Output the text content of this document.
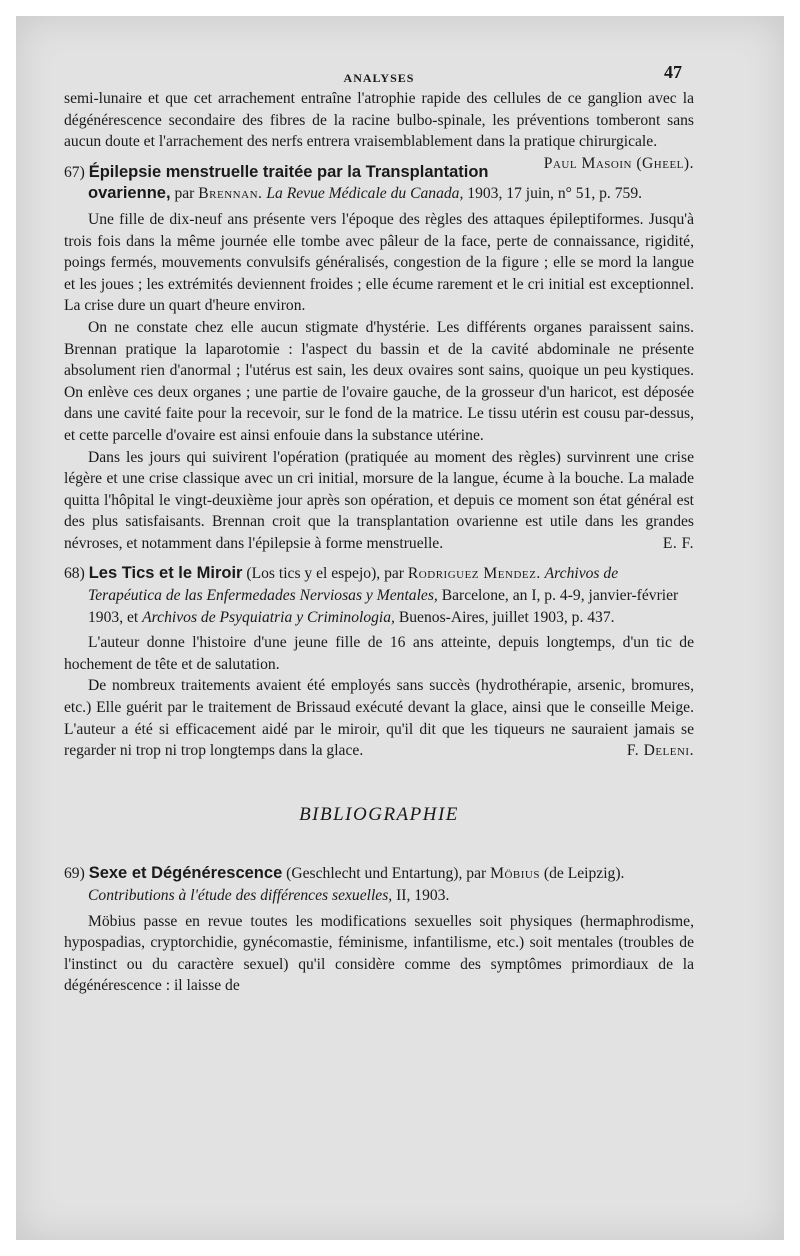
ANALYSES	47

semi-lunaire et que cet arrachement entraîne l'atrophie rapide des cellules de ce ganglion avec la dégénérescence secondaire des fibres de la racine bulbo-spinale, les préventions tomberont sans aucun doute et l'arrachement des nerfs entrera vraisemblablement dans la pratique chirurgicale.
Paul Masoin (Gheel).

67) Épilepsie menstruelle traitée par la Transplantation ovarienne, par Brennan. La Revue Médicale du Canada, 1903, 17 juin, n° 51, p. 759.

Une fille de dix-neuf ans présente vers l'époque des règles des attaques épileptiformes. Jusqu'à trois fois dans la même journée elle tombe avec pâleur de la face, perte de connaissance, rigidité, poings fermés, mouvements convulsifs généralisés, congestion de la figure ; elle se mord la langue et les joues ; les extrémités deviennent froides ; elle écume rarement et le cri initial est exceptionnel. La crise dure un quart d'heure environ.

On ne constate chez elle aucun stigmate d'hystérie. Les différents organes paraissent sains. Brennan pratique la laparotomie : l'aspect du bassin et de la cavité abdominale ne présente absolument rien d'anormal ; l'utérus est sain, les deux ovaires sont sains, quoique un peu kystiques. On enlève ces deux organes ; une partie de l'ovaire gauche, de la grosseur d'un haricot, est déposée dans une cavité faite pour la recevoir, sur le fond de la matrice. Le tissu utérin est cousu par-dessus, et cette parcelle d'ovaire est ainsi enfouie dans la substance utérine.

Dans les jours qui suivirent l'opération (pratiquée au moment des règles) survinrent une crise légère et une crise classique avec un cri initial, morsure de la langue, écume à la bouche. La malade quitta l'hôpital le vingt-deuxième jour après son opération, et depuis ce moment son état général est des plus satisfaisants. Brennan croit que la transplantation ovarienne est utile dans les grandes névroses, et notamment dans l'épilepsie à forme menstruelle.	E. F.

68) Les Tics et le Miroir (Los tics y el espejo), par Rodriguez Mendez. Archivos de Terapéutica de las Enfermedades Nerviosas y Mentales, Barcelone, an I, p. 4-9, janvier-février 1903, et Archivos de Psyquiatria y Criminologia, Buenos-Aires, juillet 1903, p. 437.

L'auteur donne l'histoire d'une jeune fille de 16 ans atteinte, depuis longtemps, d'un tic de hochement de tête et de salutation.

De nombreux traitements avaient été employés sans succès (hydrothérapie, arsenic, bromures, etc.) Elle guérit par le traitement de Brissaud exécuté devant la glace, ainsi que le conseille Meige. L'auteur a été si efficacement aidé par le miroir, qu'il dit que les tiqueurs ne sauraient jamais se regarder ni trop ni trop longtemps dans la glace.	F. Deleni.

BIBLIOGRAPHIE

69) Sexe et Dégénérescence (Geschlecht und Entartung), par Möbius (de Leipzig). Contributions à l'étude des différences sexuelles, II, 1903.

Möbius passe en revue toutes les modifications sexuelles soit physiques (hermaphrodisme, hypospadias, cryptorchidie, gynécomastie, féminisme, infantilisme, etc.) soit mentales (troubles de l'instinct ou du caractère sexuel) qu'il considère comme des symptômes primordiaux de la dégénérescence : il laisse de
